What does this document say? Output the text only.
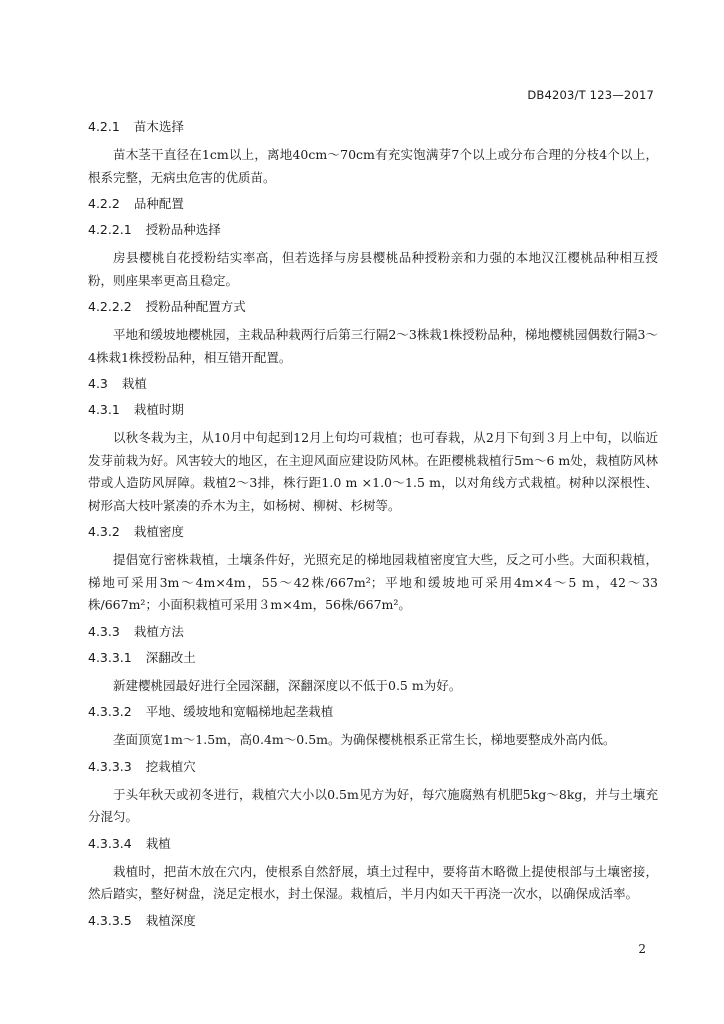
DB4203/T 123—2017
4.2.1 苗木选择
苗木茎干直径在1cm以上，离地40cm～70cm有充实饱满芽7个以上或分布合理的分枝4个以上，根系完整，无病虫危害的优质苗。
4.2.2 品种配置
4.2.2.1 授粉品种选择
房县樱桃自花授粉结实率高，但若选择与房县樱桃品种授粉亲和力强的本地汉江樱桃品种相互授粉，则座果率更高且稳定。
4.2.2.2 授粉品种配置方式
平地和缓坡地樱桃园，主栽品种栽两行后第三行隔2～3株栽1株授粉品种，梯地樱桃园偶数行隔3～4株栽1株授粉品种，相互错开配置。
4.3 栽植
4.3.1 栽植时期
以秋冬栽为主，从10月中旬起到12月上旬均可栽植；也可春栽，从2月下旬到３月上中旬，以临近发芽前栽为好。风害较大的地区，在主迎风面应建设防风林。在距樱桃栽植行5m～6 m处，栽植防风林带或人造防风屏障。栽植2～3排，株行距1.0 m ×1.0～1.5 m，以对角线方式栽植。树种以深根性、树形高大枝叶紧凑的乔木为主，如杨树、柳树、杉树等。
4.3.2 栽植密度
提倡宽行密株栽植，土壤条件好，光照充足的梯地园栽植密度宜大些，反之可小些。大面积栽植，梯地可采用3m～4m×4m，55～42株/667m²；平地和缓坡地可采用4m×4～5 m，42～33株/667m²；小面积栽植可采用３m×4m，56株/667m²。
4.3.3 栽植方法
4.3.3.1 深翻改土
新建樱桃园最好进行全园深翻，深翻深度以不低于0.5 m为好。
4.3.3.2 平地、缓坡地和宽幅梯地起垄栽植
垄面顶宽1m～1.5m，高0.4m～0.5m。为确保樱桃根系正常生长，梯地要整成外高内低。
4.3.3.3 挖栽植穴
于头年秋天或初冬进行，栽植穴大小以0.5m见方为好，每穴施腐熟有机肥5kg～8kg，并与土壤充分混匀。
4.3.3.4 栽植
栽植时，把苗木放在穴内，使根系自然舒展，填土过程中，要将苗木略微上提使根部与土壤密接，然后踏实，整好树盘，浇足定根水，封土保湿。栽植后，半月内如天干再浇一次水，以确保成活率。
4.3.3.5 栽植深度
2
